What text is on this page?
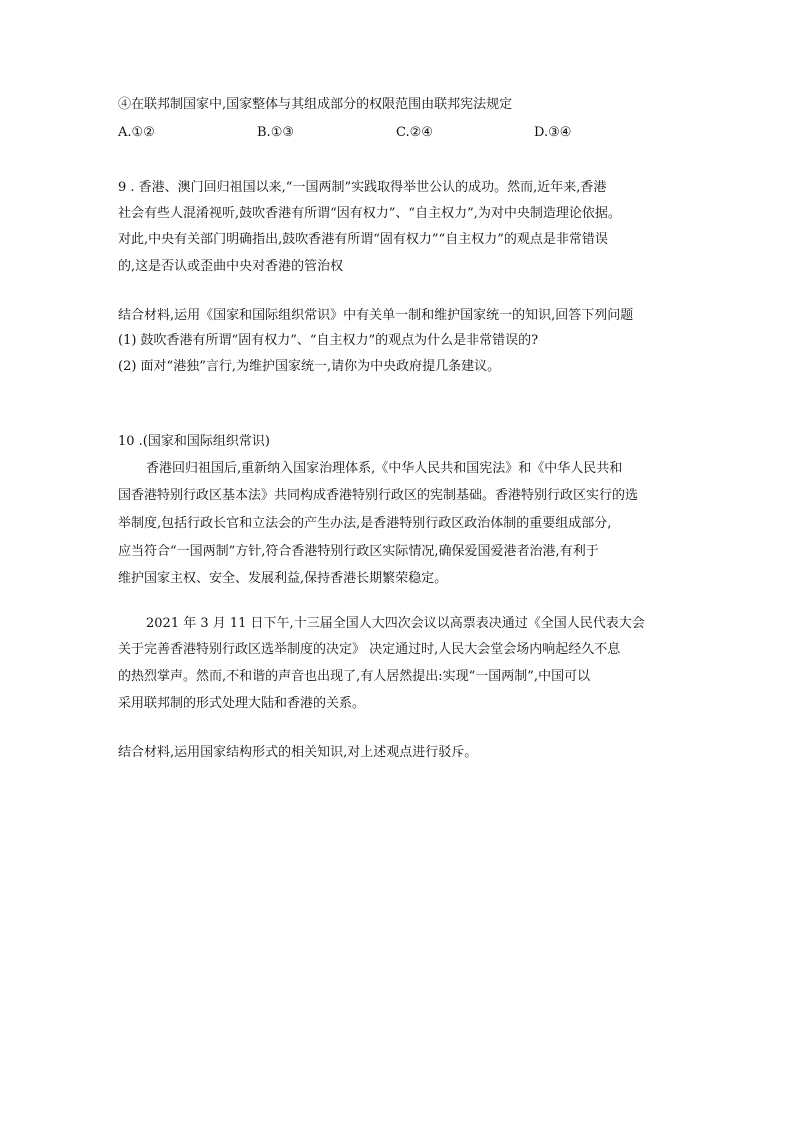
④在联邦制国家中,国家整体与其组成部分的权限范围由联邦宪法规定
A.①②	B.①③	C.②④	D.③④
9 . 香港、澳门回归祖国以来,“一国两制”实践取得举世公认的成功。然而,近年来,香港
社会有些人混淆视听,鼓吹香港有所谓“因有权力”、“自主权力”,为对中央制造理论依据。
对此,中央有关部门明确指出,鼓吹香港有所谓“固有权力”“自主权力”的观点是非常错误
的,这是否认或歪曲中央对香港的管治权
结合材料,运用《国家和国际组织常识》中有关单一制和维护国家统一的知识,回答下列问题
(1) 鼓吹香港有所谓“固有权力”、“自主权力”的观点为什么是非常错误的?
(2) 面对“港独”言行,为维护国家统一,请你为中央政府提几条建议。
10 .(国家和国际组织常识)
香港回归祖国后,重新纳入国家治理体系,《中华人民共和国宪法》和《中华人民共和
国香港特别行政区基本法》共同构成香港特别行政区的宪制基础。香港特别行政区实行的选
举制度,包括行政长官和立法会的产生办法,是香港特别行政区政治体制的重要组成部分,
应当符合“一国两制”方针,符合香港特别行政区实际情况,确保爱国爱港者治港,有利于
维护国家主权、安全、发展利益,保持香港长期繁荣稳定。
2021 年 3 月 11 日下午,十三届全国人大四次会议以高票表决通过《全国人民代表大会
关于完善香港特别行政区选举制度的决定》 决定通过时,人民大会堂会场内响起经久不息
的热烈掌声。然而,不和谐的声音也出现了,有人居然提出:实现“一国两制”,中国可以
采用联邦制的形式处理大陆和香港的关系。
结合材料,运用国家结构形式的相关知识,对上述观点进行驳斥。
